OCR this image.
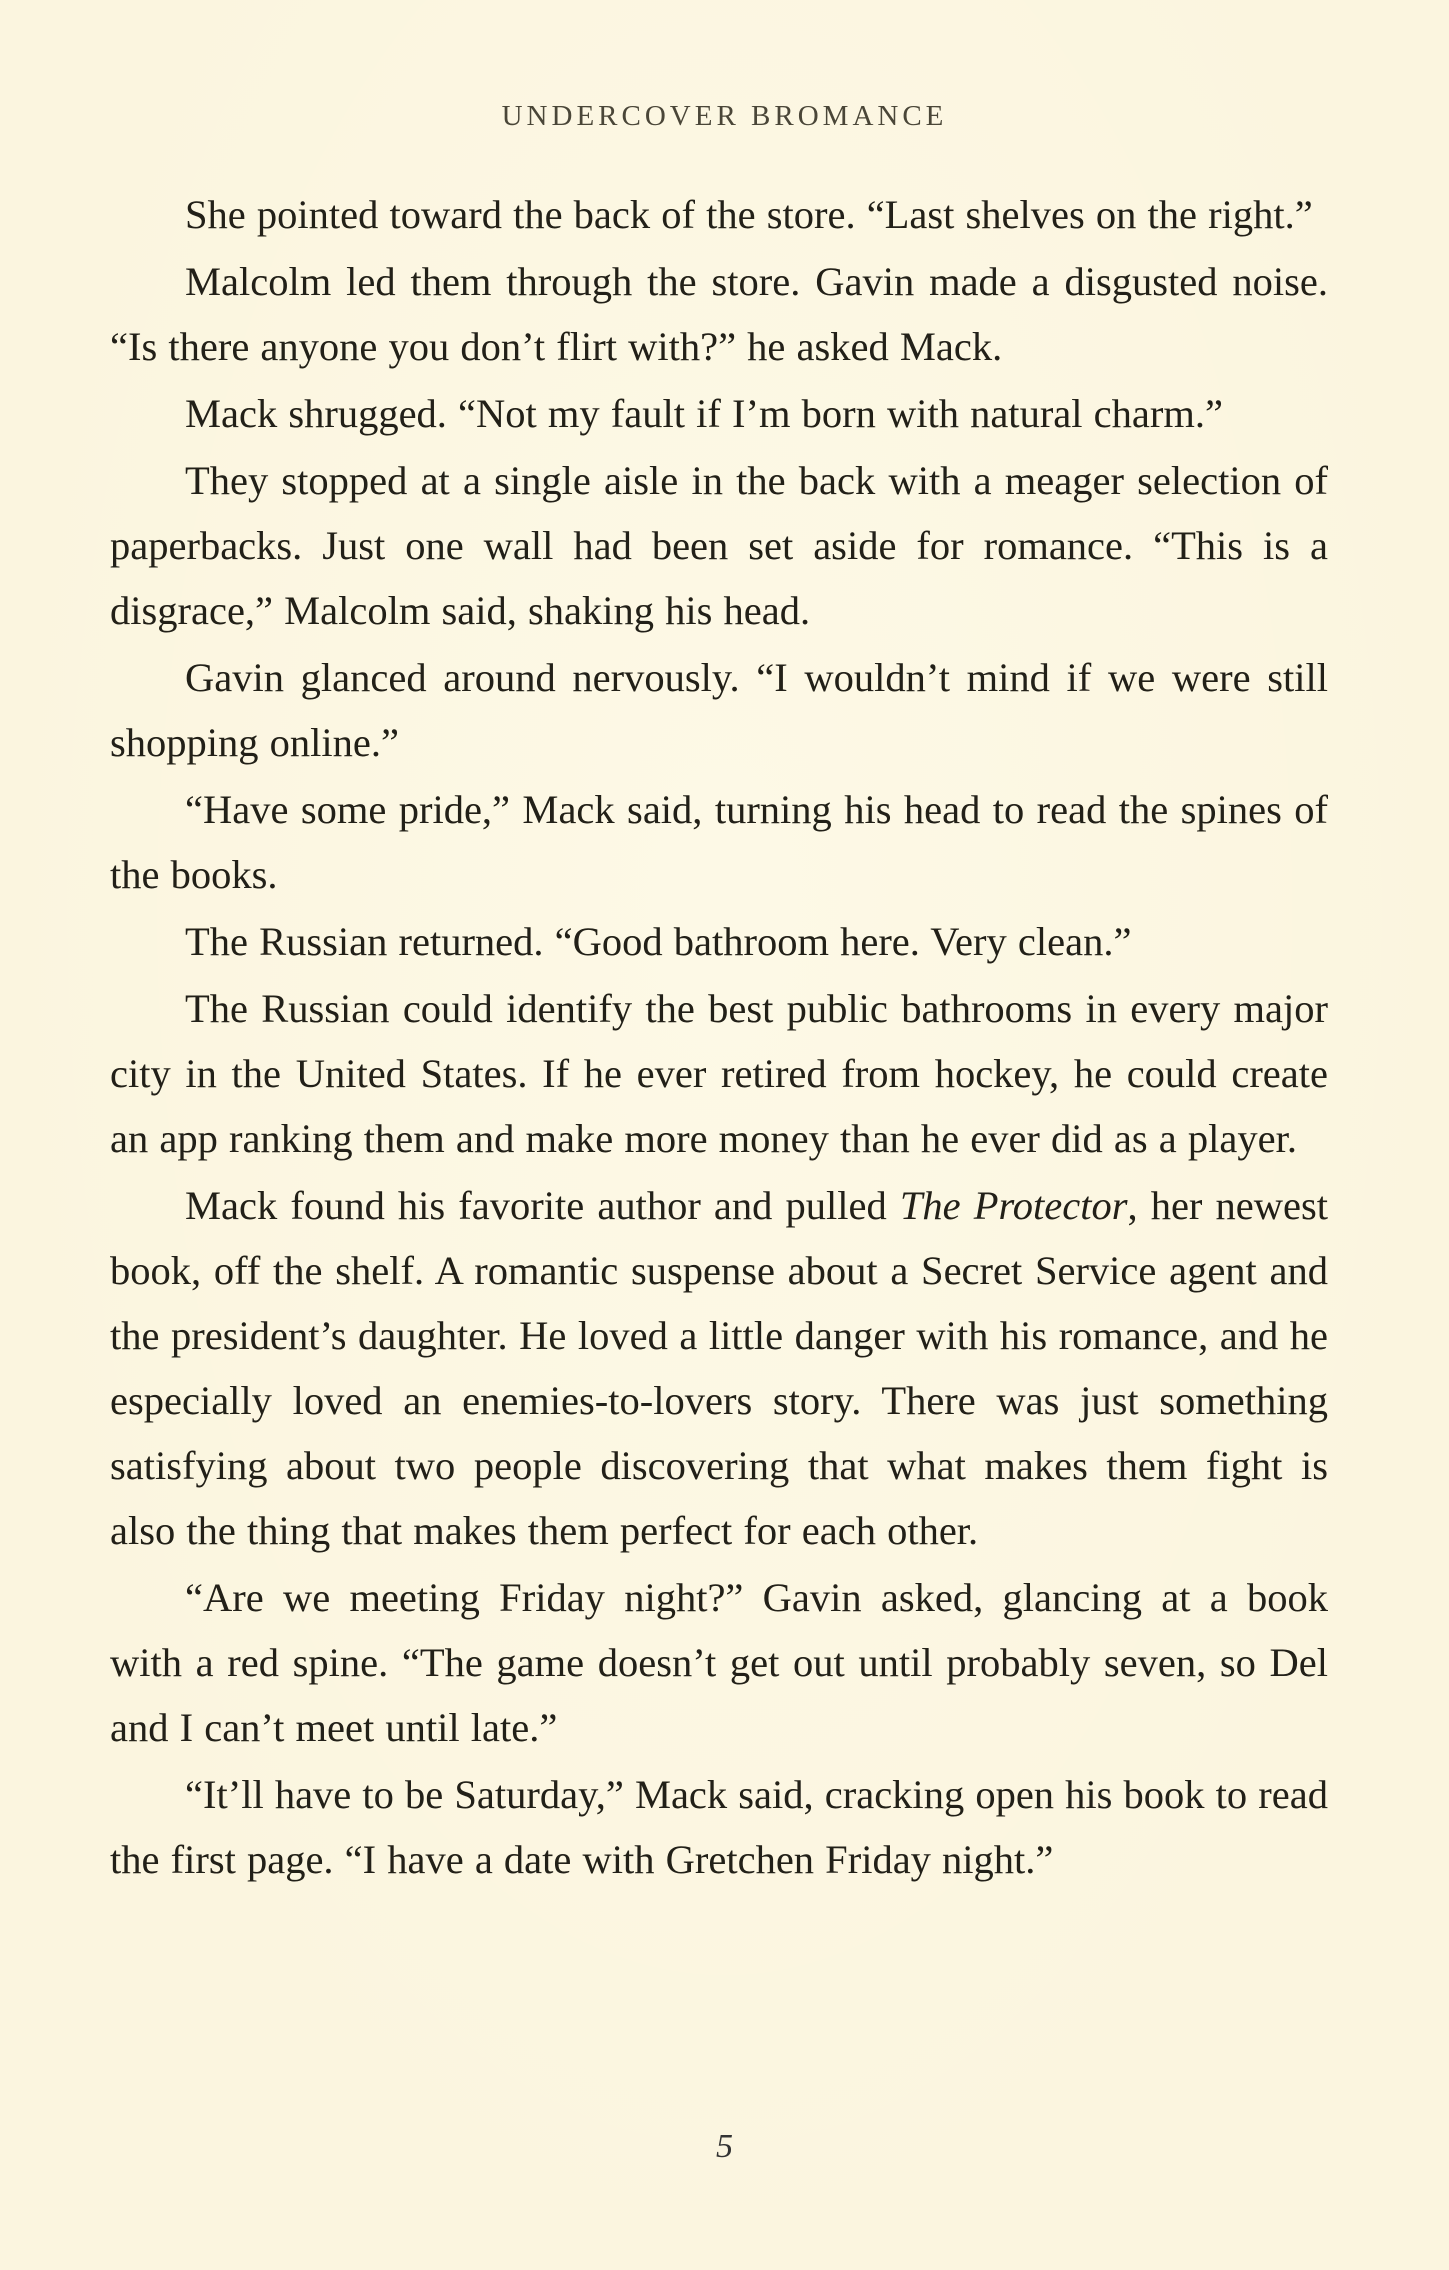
UNDERCOVER BROMANCE

She pointed toward the back of the store. “Last shelves on the right.”

Malcolm led them through the store. Gavin made a disgusted noise. “Is there anyone you don’t flirt with?” he asked Mack.

Mack shrugged. “Not my fault if I’m born with natural charm.”

They stopped at a single aisle in the back with a meager selection of paperbacks. Just one wall had been set aside for romance. “This is a disgrace,” Malcolm said, shaking his head.

Gavin glanced around nervously. “I wouldn’t mind if we were still shopping online.”

“Have some pride,” Mack said, turning his head to read the spines of the books.

The Russian returned. “Good bathroom here. Very clean.”

The Russian could identify the best public bathrooms in every major city in the United States. If he ever retired from hockey, he could create an app ranking them and make more money than he ever did as a player.

Mack found his favorite author and pulled The Protector, her newest book, off the shelf. A romantic suspense about a Secret Service agent and the president’s daughter. He loved a little danger with his romance, and he especially loved an enemies-to-lovers story. There was just something satisfying about two people discovering that what makes them fight is also the thing that makes them perfect for each other.

“Are we meeting Friday night?” Gavin asked, glancing at a book with a red spine. “The game doesn’t get out until probably seven, so Del and I can’t meet until late.”

“It’ll have to be Saturday,” Mack said, cracking open his book to read the first page. “I have a date with Gretchen Friday night.”

5
